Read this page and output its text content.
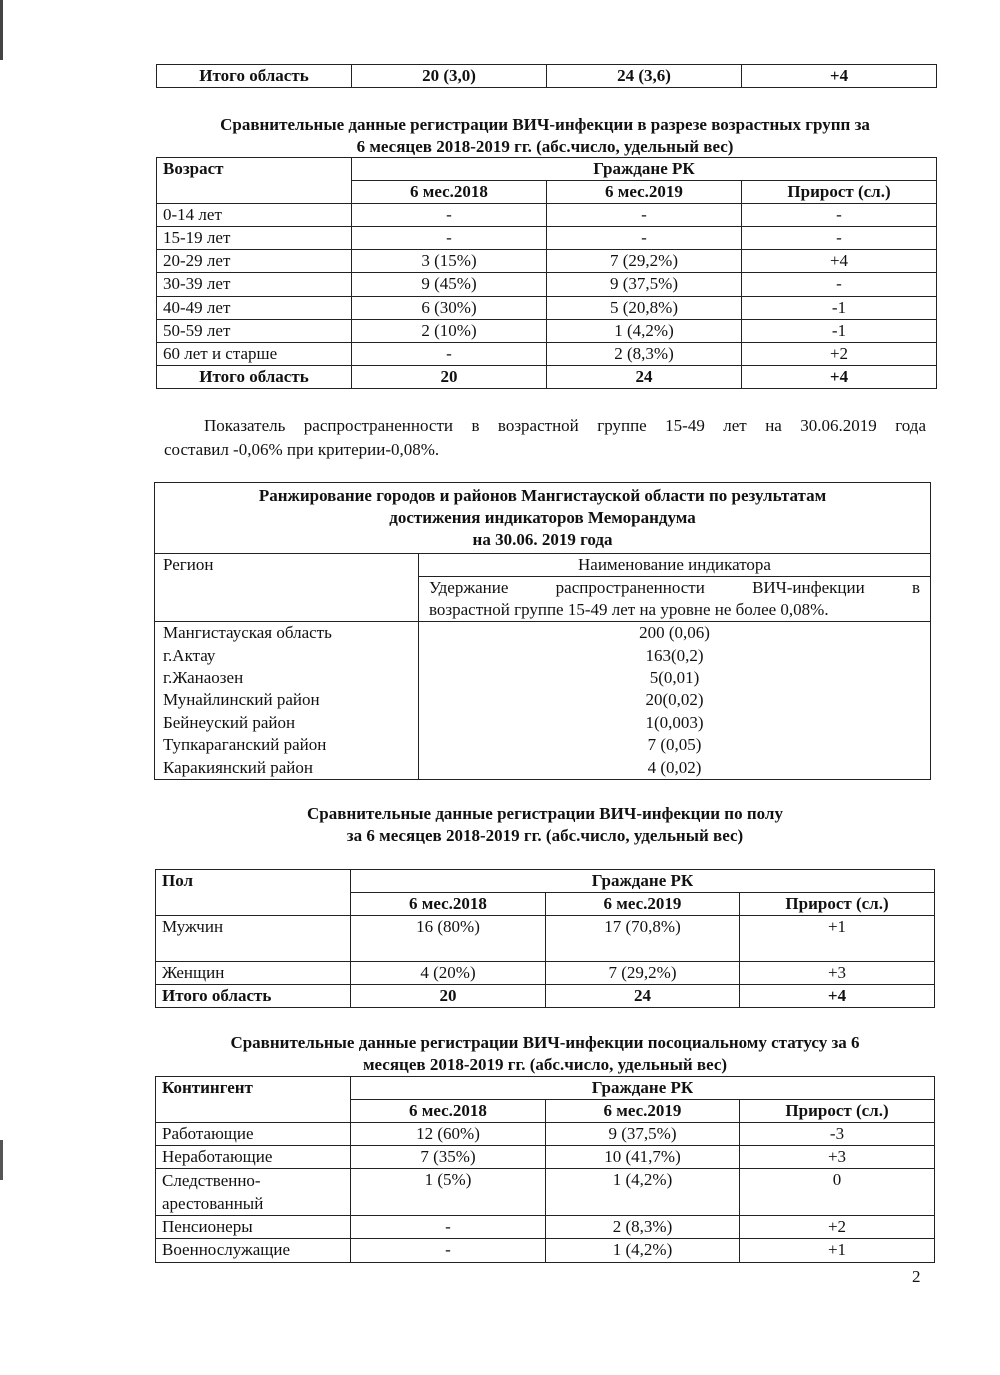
Итого область	20 (3,0)	24 (3,6)	+4
Сравнительные данные регистрации ВИЧ-инфекции в разрезе возрастных групп за
6 месяцев 2018-2019 гг. (абс.число, удельный вес)
Возраст	Граждане РК		
	6 мес.2018	6 мес.2019	Прирост (сл.)
0-14 лет	-	-	-
15-19 лет	-	-	-
20-29 лет	3 (15%)	7 (29,2%)	+4
30-39 лет	9 (45%)	9 (37,5%)	-
40-49 лет	6 (30%)	5 (20,8%)	-1
50-59 лет	2 (10%)	1 (4,2%)	-1
60 лет и старше	-	2 (8,3%)	+2
Итого область	20	24	+4
Показатель распространенности в возрастной группе 15-49 лет на 30.06.2019 года
составил -0,06% при критерии-0,08%.
Ранжирование городов и районов Мангистауской области по результатам
достижения индикаторов Меморандума
на 30.06. 2019 года	

Регион	Наименование индикатора

	Удержание распространенности ВИЧ-инфекции в
возрастной группе 15-49 лет на уровне не более 0,08%.

Мангистауская область	200 (0,06)
г.Актау	163(0,2)
г.Жанаозен	5(0,01)
Мунайлинский район	20(0,02)
Бейнеуский район	1(0,003)
Тупкараганский район	7 (0,05)
Каракиянский район	4 (0,02)
Сравнительные данные регистрации ВИЧ-инфекции по полу
за 6 месяцев 2018-2019 гг. (абс.число, удельный вес)
Пол	Граждане РК		
	6 мес.2018	6 мес.2019	Прирост (сл.)
Мужчин	16 (80%)	17 (70,8%)	+1
Женщин	4 (20%)	7 (29,2%)	+3
Итого область	20	24	+4
Сравнительные данные регистрации ВИЧ-инфекции посоциальному статусу за 6
месяцев 2018-2019 гг. (абс.число, удельный вес)
Контингент	Граждане РК		
	6 мес.2018	6 мес.2019	Прирост (сл.)
Работающие	12 (60%)	9 (37,5%)	-3
Неработающие	7 (35%)	10 (41,7%)	+3
Следственно-арестованный	1 (5%)	1 (4,2%)	0
Пенсионеры	-	2 (8,3%)	+2
Военнослужащие	-	1 (4,2%)	+1
2
